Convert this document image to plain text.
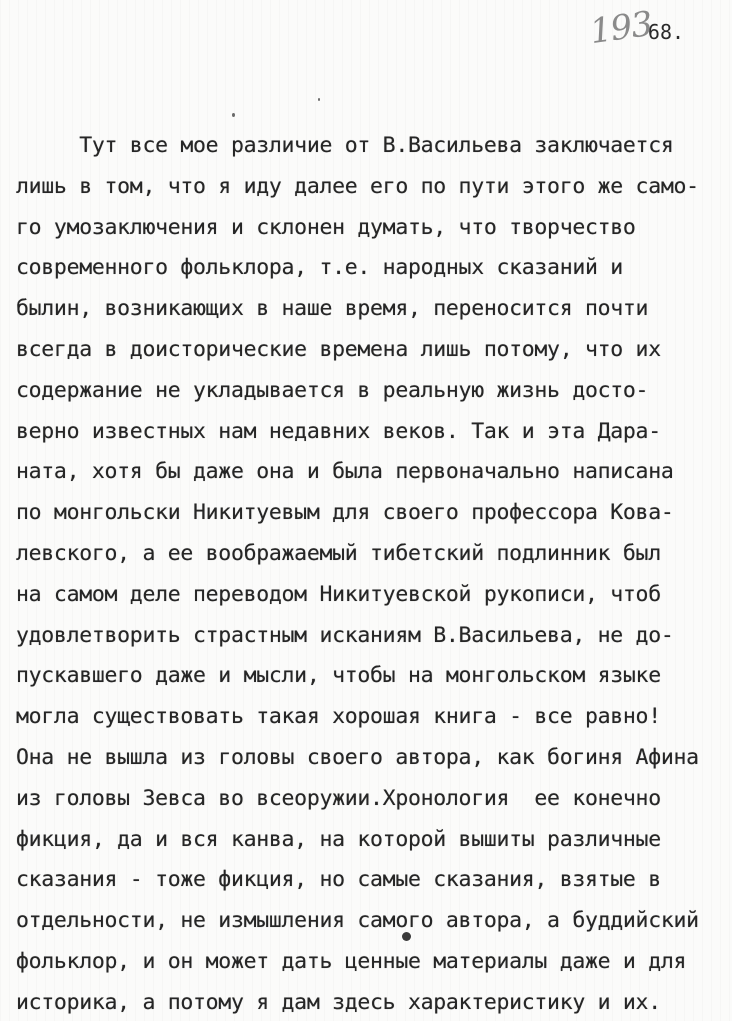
193
68.
Тут все мое различие от В.Васильева заключается
лишь в том, что я иду далее его по пути этого же само-
го умозаключения и склонен думать, что творчество
современного фольклора, т.е. народных сказаний и
былин, возникающих в наше время, переносится почти
всегда в доисторические времена лишь потому, что их
содержание не укладывается в реальную жизнь досто-
верно известных нам недавних веков. Так и эта Дара-
ната, хотя бы даже она и была первоначально написана
по монгольски Никитуевым для своего профессора Кова-
левского, а ее воображаемый тибетский подлинник был
на самом деле переводом Никитуевской рукописи, чтоб
удовлетворить страстным исканиям В.Васильева, не до-
пускавшего даже и мысли, чтобы на монгольском языке
могла существовать такая хорошая книга - все равно!
Она не вышла из головы своего автора, как богиня Афина
из головы Зевса во всеоружии.Хронология  ее конечно
фикция, да и вся канва, на которой вышиты различные
сказания - тоже фикция, но самые сказания, взятые в
отдельности, не измышления самого автора, а буддийский
фольклор, и он может дать ценные материалы даже и для
историка, а потому я дам здесь характеристику и их.
